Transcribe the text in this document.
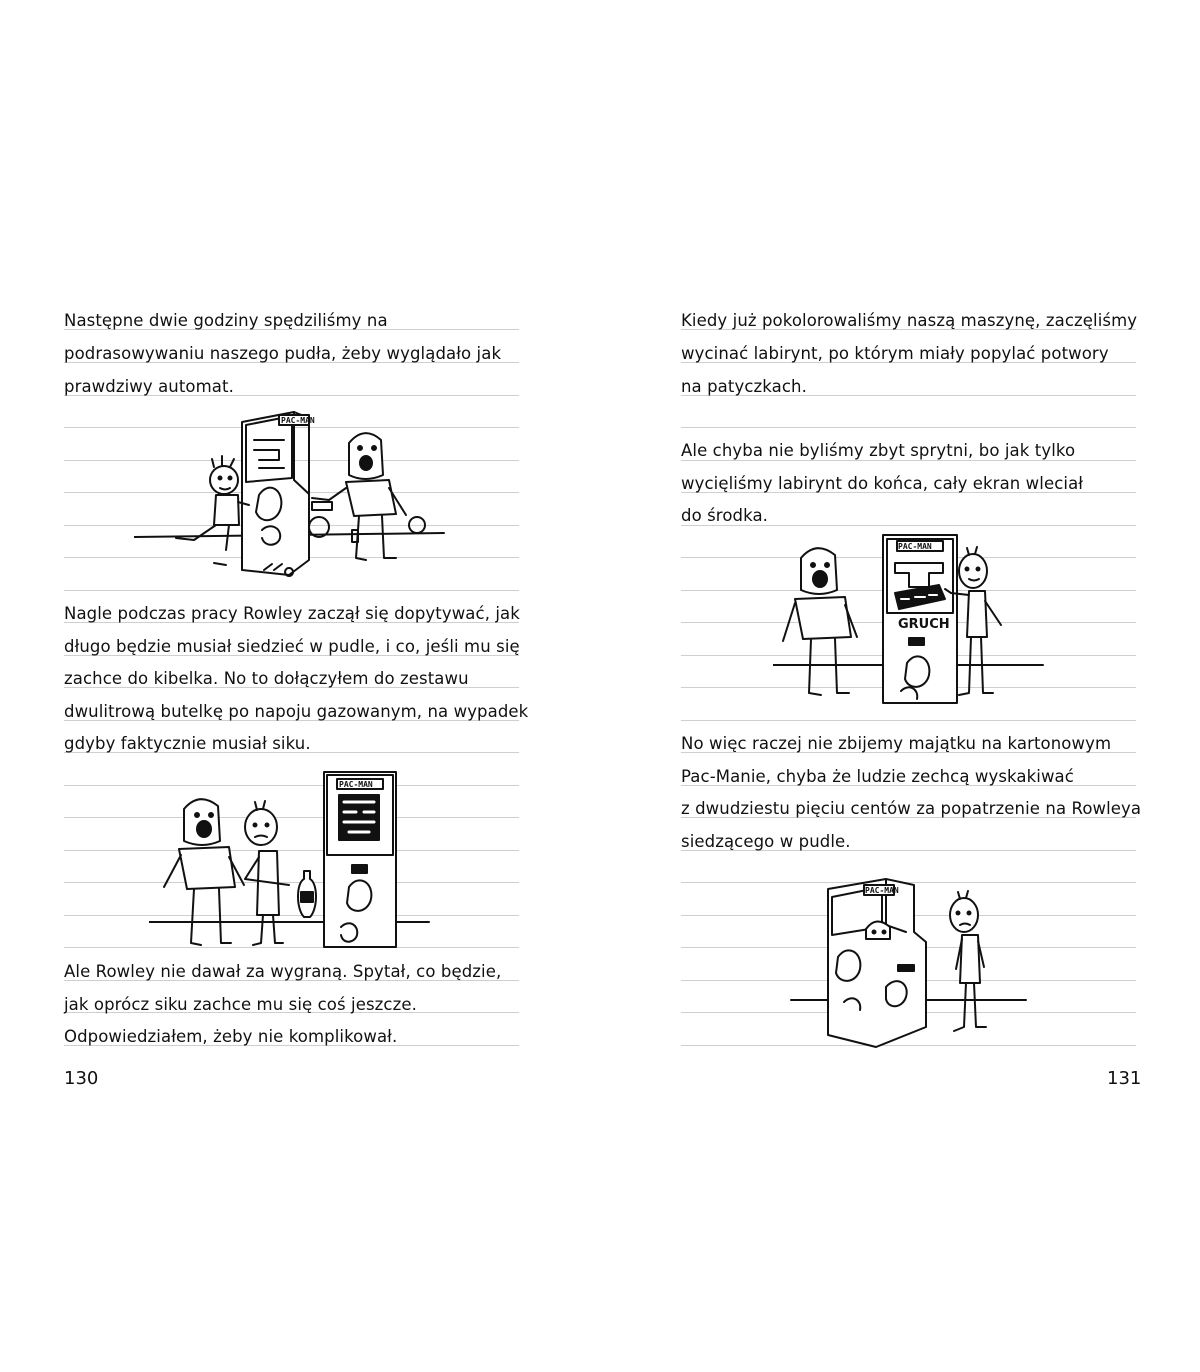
Następne dwie godziny spędziliśmy na
podrasowywaniu naszego pudła, żeby wyglądało jak
prawdziwy automat.
PAC-MAN
Nagle podczas pracy Rowley zaczął się dopytywać, jak
długo będzie musiał siedzieć w pudle, i co, jeśli mu się
zachce do kibelka. No to dołączyłem do zestawu
dwulitrową butelkę po napoju gazowanym, na wypadek
gdyby faktycznie musiał siku.
PAC-MAN
Ale Rowley nie dawał za wygraną. Spytał, co będzie,
jak oprócz siku zachce mu się coś jeszcze.
Odpowiedziałem, żeby nie komplikował.
Kiedy już pokolorowaliśmy naszą maszynę, zaczęliśmy
wycinać labirynt, po którym miały popylać potwory
na patyczkach.
Ale chyba nie byliśmy zbyt sprytni, bo jak tylko
wycięliśmy labirynt do końca, cały ekran wleciał
do środka.
PAC-MAN
GRUCH
No więc raczej nie zbijemy majątku na kartonowym
Pac-Manie, chyba że ludzie zechcą wyskakiwać
z dwudziestu pięciu centów za popatrzenie na Rowleya
siedzącego w pudle.
PAC-MAN
130	131
